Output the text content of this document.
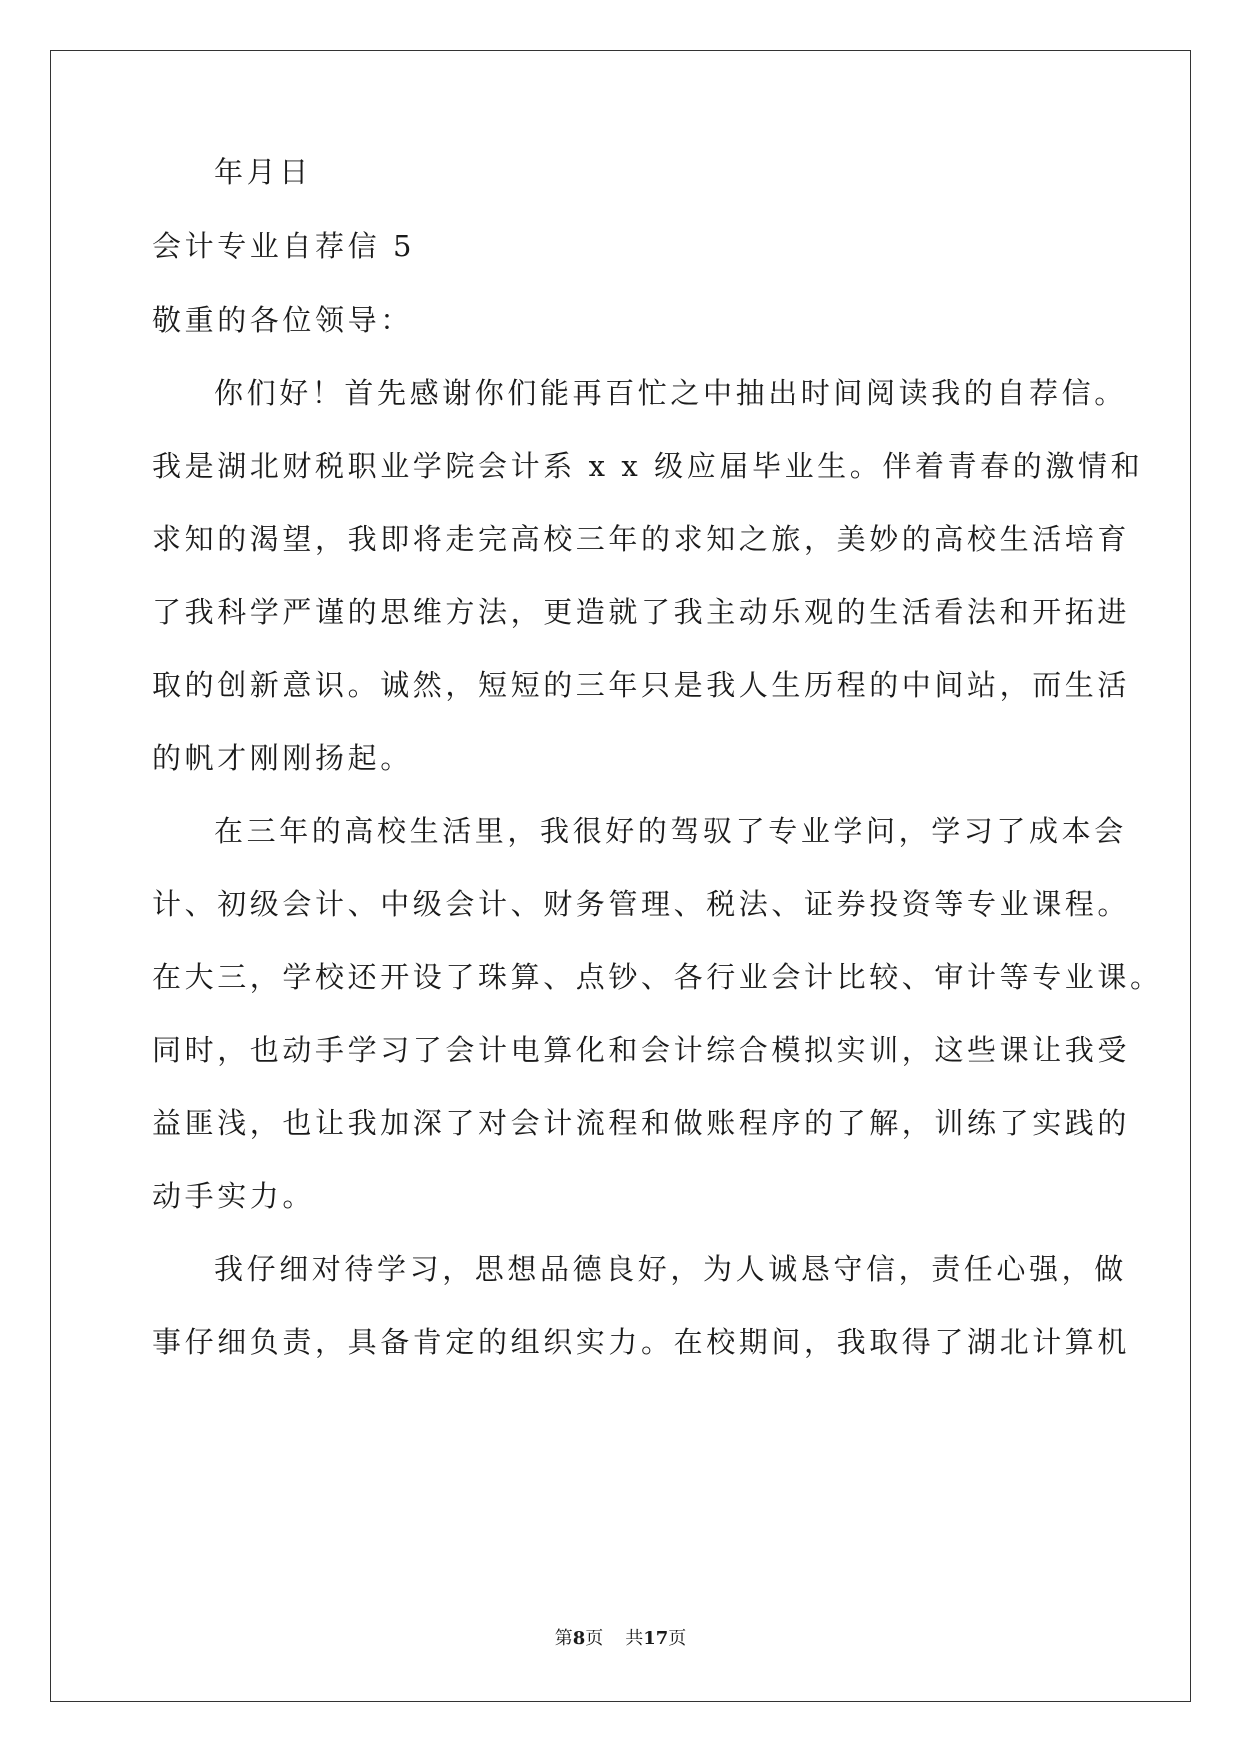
年月日
会计专业自荐信 5
敬重的各位领导：
你们好！首先感谢你们能再百忙之中抽出时间阅读我的自荐信。
我是湖北财税职业学院会计系 x x 级应届毕业生。伴着青春的激情和
求知的渴望，我即将走完高校三年的求知之旅，美妙的高校生活培育
了我科学严谨的思维方法，更造就了我主动乐观的生活看法和开拓进
取的创新意识。诚然，短短的三年只是我人生历程的中间站，而生活
的帆才刚刚扬起。
在三年的高校生活里，我很好的驾驭了专业学问，学习了成本会
计、初级会计、中级会计、财务管理、税法、证券投资等专业课程。
在大三，学校还开设了珠算、点钞、各行业会计比较、审计等专业课。
同时，也动手学习了会计电算化和会计综合模拟实训，这些课让我受
益匪浅，也让我加深了对会计流程和做账程序的了解，训练了实践的
动手实力。
我仔细对待学习，思想品德良好，为人诚恳守信，责任心强，做
事仔细负责，具备肯定的组织实力。在校期间，我取得了湖北计算机
第8页 共17页
